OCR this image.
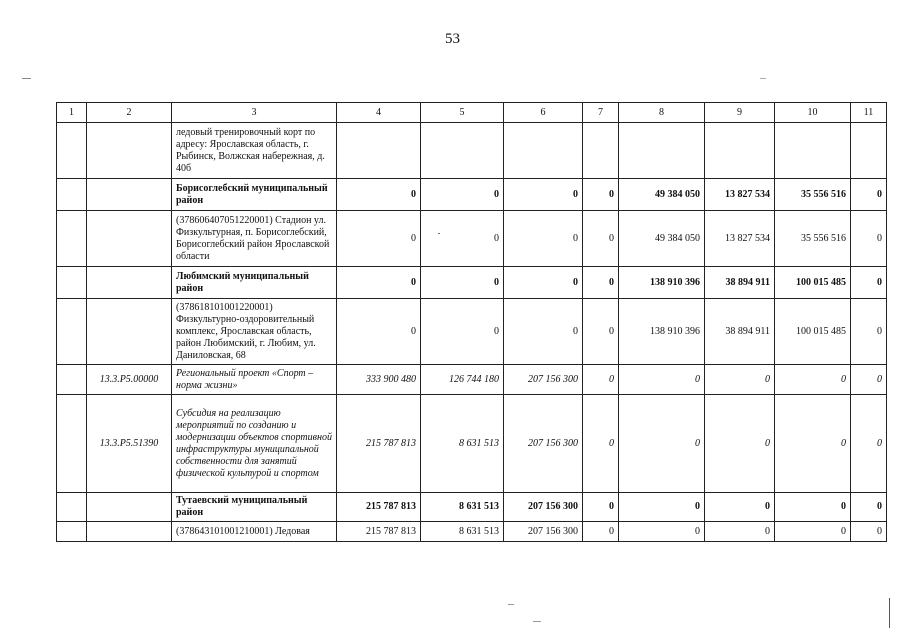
53
1	2	3	4	5	6	7	8	9	10	11
		ледовый тренировочный корт по адресу: Ярославская область, г. Рыбинск, Волжская набережная, д. 40б								
		Борисоглебский муниципальный район	0	0	0	0	49 384 050	13 827 534	35 556 516	0
		(378606407051220001) Стадион ул. Физкультурная, п. Борисоглебский, Борисоглебский район Ярославской области	0	0	0	0	49 384 050	13 827 534	35 556 516	0
		Любимский муниципальный район	0	0	0	0	138 910 396	38 894 911	100 015 485	0
		(378618101001220001) Физкультурно-оздоровительный комплекс, Ярославская область, район Любимский, г. Любим, ул. Даниловская, 68	0	0	0	0	138 910 396	38 894 911	100 015 485	0
	13.3.P5.00000	Региональный проект «Спорт – норма жизни»	333 900 480	126 744 180	207 156 300	0	0	0	0	0
	13.3.P5.51390	Субсидия на реализацию мероприятий по созданию и модернизации объектов спортивной инфраструктуры муниципальной собственности для занятий физической культурой и спортом	215 787 813	8 631 513	207 156 300	0	0	0	0	0
		Тутаевский муниципальный район	215 787 813	8 631 513	207 156 300	0	0	0	0	0
		(378643101001210001) Ледовая	215 787 813	8 631 513	207 156 300	0	0	0	0	0
